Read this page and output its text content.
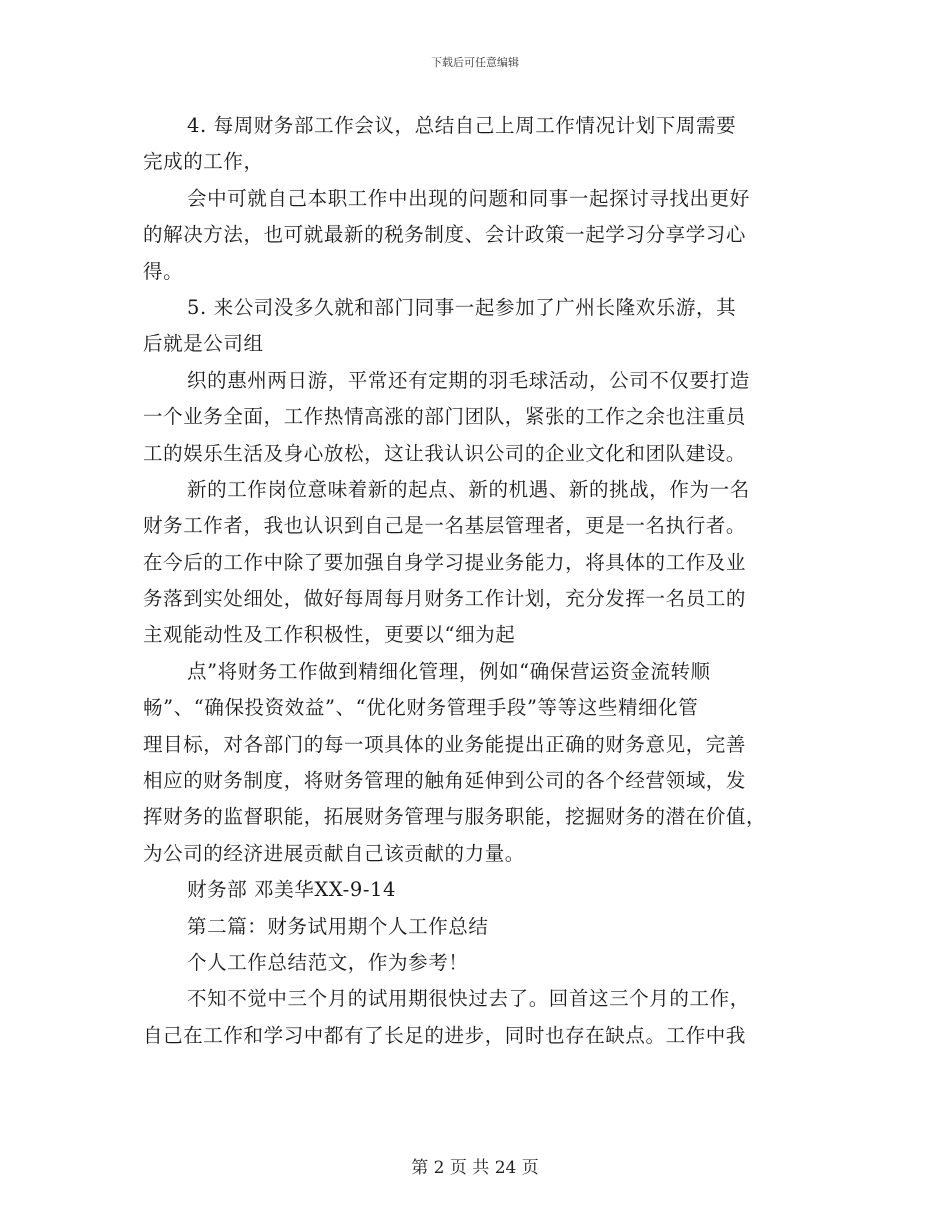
下载后可任意编辑
4. 每周财务部工作会议，总结自己上周工作情况计划下周需要
完成的工作，
会中可就自己本职工作中出现的问题和同事一起探讨寻找出更好
的解决方法，也可就最新的税务制度、会计政策一起学习分享学习心
得。
5. 来公司没多久就和部门同事一起参加了广州长隆欢乐游，其
后就是公司组
织的惠州两日游，平常还有定期的羽毛球活动，公司不仅要打造
一个业务全面，工作热情高涨的部门团队，紧张的工作之余也注重员
工的娱乐生活及身心放松，这让我认识公司的企业文化和团队建设。
新的工作岗位意味着新的起点、新的机遇、新的挑战，作为一名
财务工作者，我也认识到自己是一名基层管理者，更是一名执行者。
在今后的工作中除了要加强自身学习提业务能力，将具体的工作及业
务落到实处细处，做好每周每月财务工作计划，充分发挥一名员工的
主观能动性及工作积极性，更要以“细为起
点”将财务工作做到精细化管理，例如“确保营运资金流转顺
畅”、“确保投资效益”、“优化财务管理手段”等等这些精细化管
理目标，对各部门的每一项具体的业务能提出正确的财务意见，完善
相应的财务制度，将财务管理的触角延伸到公司的各个经营领域，发
挥财务的监督职能，拓展财务管理与服务职能，挖掘财务的潜在价值，
为公司的经济进展贡献自己该贡献的力量。
财务部 邓美华XX-9-14
第二篇：财务试用期个人工作总结
个人工作总结范文，作为参考！
不知不觉中三个月的试用期很快过去了。回首这三个月的工作，
自己在工作和学习中都有了长足的进步，同时也存在缺点。工作中我
第 2 页 共 24 页
